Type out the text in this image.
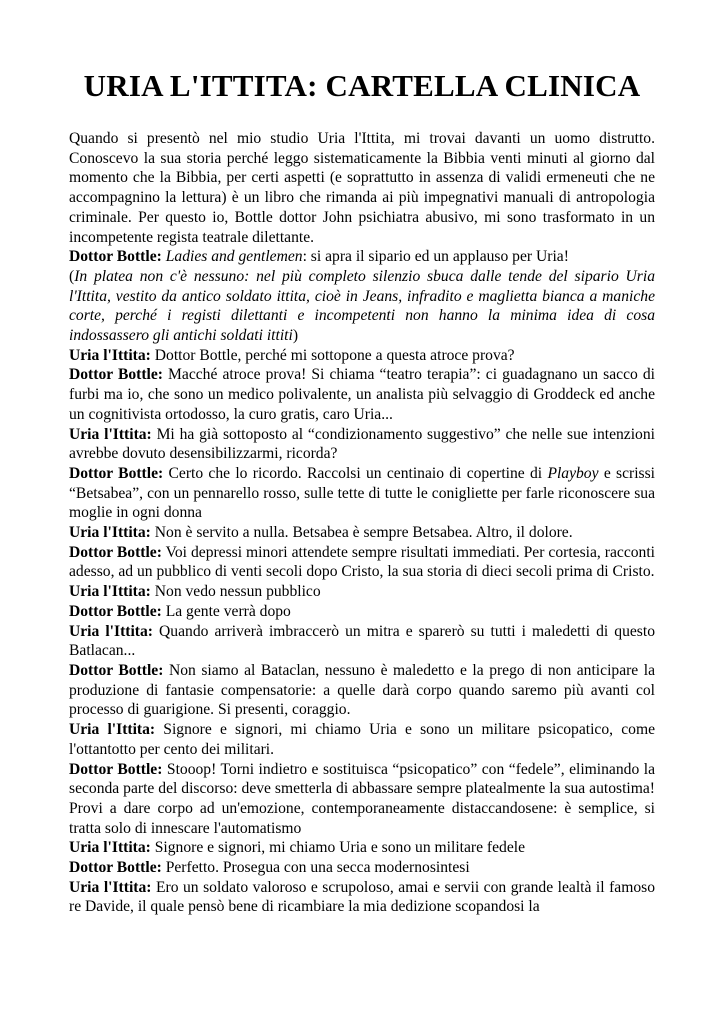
URIA L'ITTITA: CARTELLA CLINICA

Quando si presentò nel mio studio Uria l'Ittita, mi trovai davanti un uomo distrutto. Conoscevo la sua storia perché leggo sistematicamente la Bibbia venti minuti al giorno dal momento che la Bibbia, per certi aspetti (e soprattutto in assenza di validi ermeneuti che ne accompagnino la lettura) è un libro che rimanda ai più impegnativi manuali di antropologia criminale. Per questo io, Bottle dottor John psichiatra abusivo, mi sono trasformato in un incompetente regista teatrale dilettante.

Dottor Bottle: Ladies and gentlemen: si apra il sipario ed un applauso per Uria!

(In platea non c'è nessuno: nel più completo silenzio sbuca dalle tende del sipario Uria l'Ittita, vestito da antico soldato ittita, cioè in Jeans, infradito e maglietta bianca a maniche corte, perché i registi dilettanti e incompetenti non hanno la minima idea di cosa indossassero gli antichi soldati ittiti)

Uria l'Ittita: Dottor Bottle, perché mi sottopone a questa atroce prova?

Dottor Bottle: Macché atroce prova! Si chiama “teatro terapia”: ci guadagnano un sacco di furbi ma io, che sono un medico polivalente, un analista più selvaggio di Groddeck ed anche un cognitivista ortodosso, la curo gratis, caro Uria...

Uria l'Ittita: Mi ha già sottoposto al “condizionamento suggestivo” che nelle sue intenzioni avrebbe dovuto desensibilizzarmi, ricorda?

Dottor Bottle: Certo che lo ricordo. Raccolsi un centinaio di copertine di Playboy e scrissi “Betsabea”, con un pennarello rosso, sulle tette di tutte le conigliette per farle riconoscere sua moglie in ogni donna

Uria l'Ittita: Non è servito a nulla. Betsabea è sempre Betsabea. Altro, il dolore.

Dottor Bottle: Voi depressi minori attendete sempre risultati immediati. Per cortesia, racconti adesso, ad un pubblico di venti secoli dopo Cristo, la sua storia di dieci secoli prima di Cristo.

Uria l'Ittita: Non vedo nessun pubblico

Dottor Bottle: La gente verrà dopo

Uria l'Ittita: Quando arriverà imbraccerò un mitra e sparerò su tutti i maledetti di questo Batlacan...

Dottor Bottle: Non siamo al Bataclan, nessuno è maledetto e la prego di non anticipare la produzione di fantasie compensatorie: a quelle darà corpo quando saremo più avanti col processo di guarigione. Si presenti, coraggio.

Uria l'Ittita: Signore e signori, mi chiamo Uria e sono un militare psicopatico, come l'ottantotto per cento dei militari.

Dottor Bottle: Stooop! Torni indietro e sostituisca “psicopatico” con “fedele”, eliminando la seconda parte del discorso: deve smetterla di abbassare sempre platealmente la sua autostima! Provi a dare corpo ad un'emozione, contemporaneamente distaccandosene: è semplice, si tratta solo di innescare l'automatismo

Uria l'Ittita: Signore e signori, mi chiamo Uria e sono un militare fedele

Dottor Bottle: Perfetto. Prosegua con una secca modernosintesi

Uria l'Ittita: Ero un soldato valoroso e scrupoloso, amai e servii con grande lealtà il famoso re Davide, il quale pensò bene di ricambiare la mia dedizione scopandosi la
